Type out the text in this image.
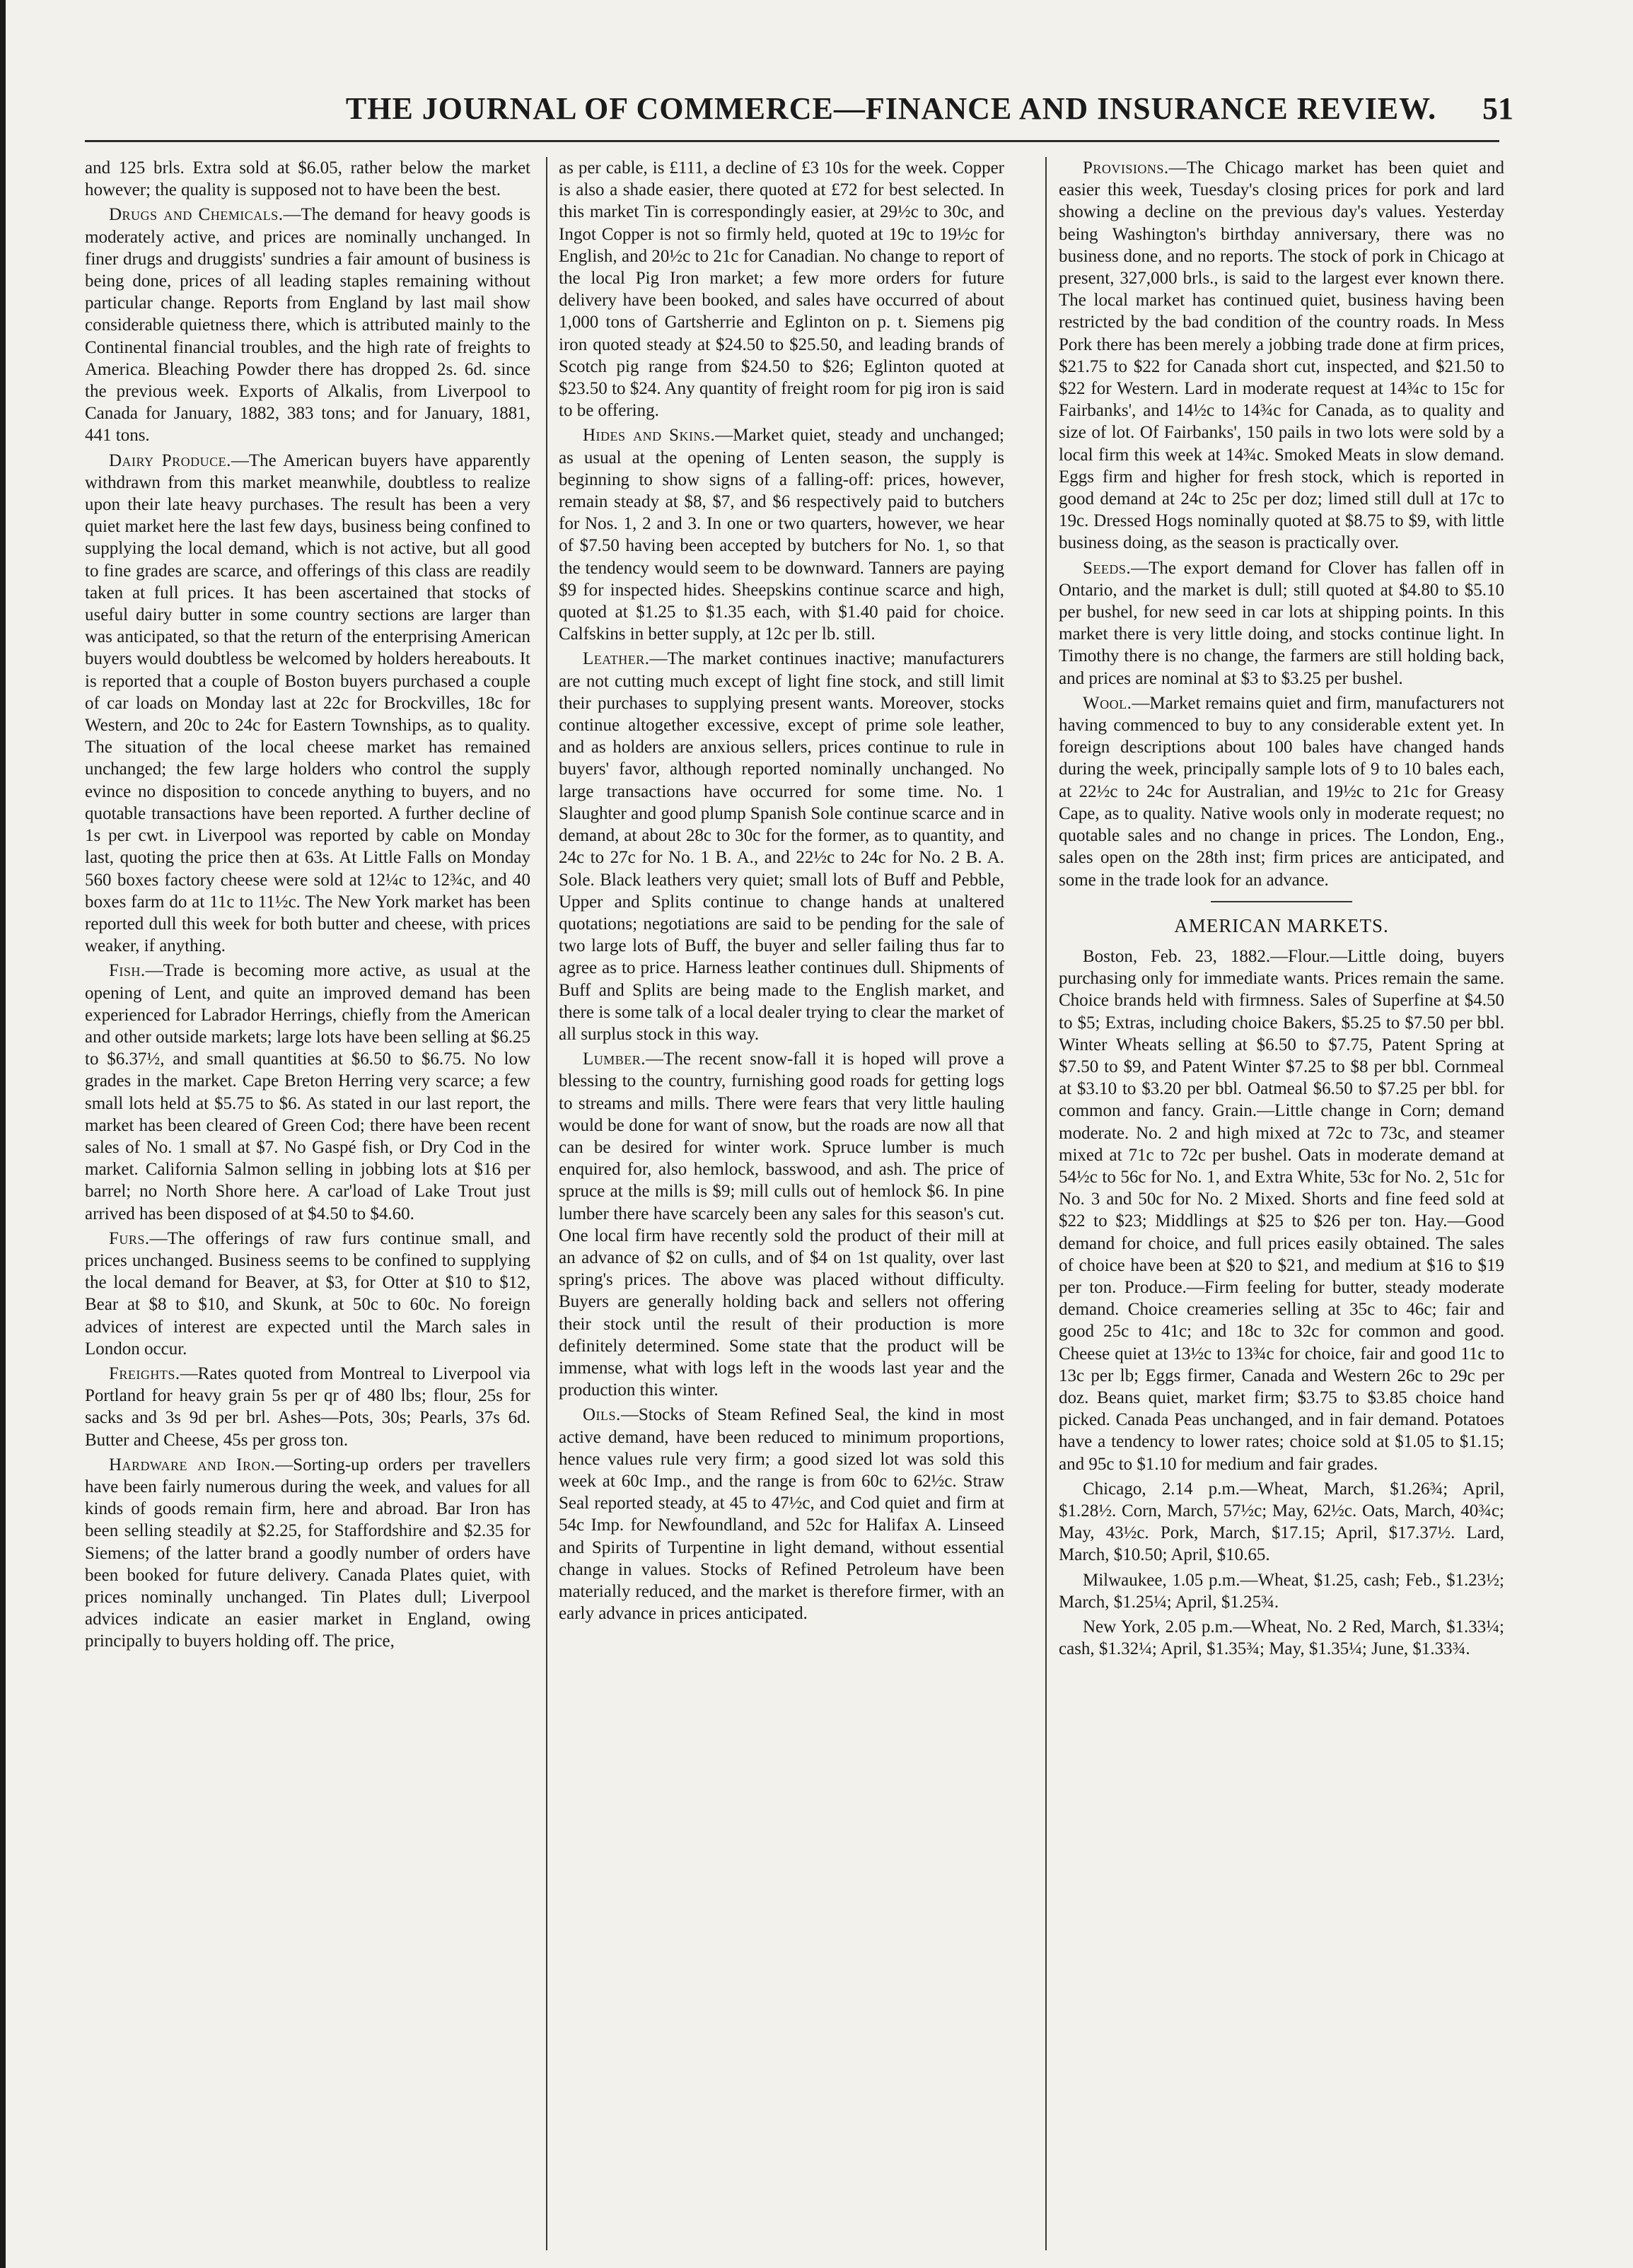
THE JOURNAL OF COMMERCE—FINANCE AND INSURANCE REVIEW.	51

and 125 brls. Extra sold at $6.05, rather below the market however; the quality is supposed not to have been the best.

Drugs and Chemicals.—The demand for heavy goods is moderately active, and prices are nominally unchanged. In finer drugs and druggists' sundries a fair amount of business is being done, prices of all leading staples remaining without particular change. Reports from England by last mail show considerable quietness there, which is attributed mainly to the Continental financial troubles, and the high rate of freights to America. Bleaching Powder there has dropped 2s. 6d. since the previous week. Exports of Alkalis, from Liverpool to Canada for January, 1882, 383 tons; and for January, 1881, 441 tons.

Dairy Produce.—The American buyers have apparently withdrawn from this market meanwhile, doubtless to realize upon their late heavy purchases. The result has been a very quiet market here the last few days, business being confined to supplying the local demand, which is not active, but all good to fine grades are scarce, and offerings of this class are readily taken at full prices. It has been ascertained that stocks of useful dairy butter in some country sections are larger than was anticipated, so that the return of the enterprising American buyers would doubtless be welcomed by holders hereabouts. It is reported that a couple of Boston buyers purchased a couple of car loads on Monday last at 22c for Brockvilles, 18c for Western, and 20c to 24c for Eastern Townships, as to quality. The situation of the local cheese market has remained unchanged; the few large holders who control the supply evince no disposition to concede anything to buyers, and no quotable transactions have been reported. A further decline of 1s per cwt. in Liverpool was reported by cable on Monday last, quoting the price then at 63s. At Little Falls on Monday 560 boxes factory cheese were sold at 12¼c to 12¾c, and 40 boxes farm do at 11c to 11½c. The New York market has been reported dull this week for both butter and cheese, with prices weaker, if anything.

Fish.—Trade is becoming more active, as usual at the opening of Lent, and quite an improved demand has been experienced for Labrador Herrings, chiefly from the American and other outside markets; large lots have been selling at $6.25 to $6.37½, and small quantities at $6.50 to $6.75. No low grades in the market. Cape Breton Herring very scarce; a few small lots held at $5.75 to $6. As stated in our last report, the market has been cleared of Green Cod; there have been recent sales of No. 1 small at $7. No Gaspé fish, or Dry Cod in the market. California Salmon selling in jobbing lots at $16 per barrel; no North Shore here. A car'load of Lake Trout just arrived has been disposed of at $4.50 to $4.60.

Furs.—The offerings of raw furs continue small, and prices unchanged. Business seems to be confined to supplying the local demand for Beaver, at $3, for Otter at $10 to $12, Bear at $8 to $10, and Skunk, at 50c to 60c. No foreign advices of interest are expected until the March sales in London occur.

Freights.—Rates quoted from Montreal to Liverpool via Portland for heavy grain 5s per qr of 480 lbs; flour, 25s for sacks and 3s 9d per brl. Ashes—Pots, 30s; Pearls, 37s 6d. Butter and Cheese, 45s per gross ton.

Hardware and Iron.—Sorting-up orders per travellers have been fairly numerous during the week, and values for all kinds of goods remain firm, here and abroad. Bar Iron has been selling steadily at $2.25, for Staffordshire and $2.35 for Siemens; of the latter brand a goodly number of orders have been booked for future delivery. Canada Plates quiet, with prices nominally unchanged. Tin Plates dull; Liverpool advices indicate an easier market in England, owing principally to buyers holding off. The price,

as per cable, is £111, a decline of £3 10s for the week. Copper is also a shade easier, there quoted at £72 for best selected. In this market Tin is correspondingly easier, at 29½c to 30c, and Ingot Copper is not so firmly held, quoted at 19c to 19½c for English, and 20½c to 21c for Canadian. No change to report of the local Pig Iron market; a few more orders for future delivery have been booked, and sales have occurred of about 1,000 tons of Gartsherrie and Eglinton on p. t. Siemens pig iron quoted steady at $24.50 to $25.50, and leading brands of Scotch pig range from $24.50 to $26; Eglinton quoted at $23.50 to $24. Any quantity of freight room for pig iron is said to be offering.

Hides and Skins.—Market quiet, steady and unchanged; as usual at the opening of Lenten season, the supply is beginning to show signs of a falling-off: prices, however, remain steady at $8, $7, and $6 respectively paid to butchers for Nos. 1, 2 and 3. In one or two quarters, however, we hear of $7.50 having been accepted by butchers for No. 1, so that the tendency would seem to be downward. Tanners are paying $9 for inspected hides. Sheepskins continue scarce and high, quoted at $1.25 to $1.35 each, with $1.40 paid for choice. Calfskins in better supply, at 12c per lb. still.

Leather.—The market continues inactive; manufacturers are not cutting much except of light fine stock, and still limit their purchases to supplying present wants. Moreover, stocks continue altogether excessive, except of prime sole leather, and as holders are anxious sellers, prices continue to rule in buyers' favor, although reported nominally unchanged. No large transactions have occurred for some time. No. 1 Slaughter and good plump Spanish Sole continue scarce and in demand, at about 28c to 30c for the former, as to quantity, and 24c to 27c for No. 1 B. A., and 22½c to 24c for No. 2 B. A. Sole. Black leathers very quiet; small lots of Buff and Pebble, Upper and Splits continue to change hands at unaltered quotations; negotiations are said to be pending for the sale of two large lots of Buff, the buyer and seller failing thus far to agree as to price. Harness leather continues dull. Shipments of Buff and Splits are being made to the English market, and there is some talk of a local dealer trying to clear the market of all surplus stock in this way.

Lumber.—The recent snow-fall it is hoped will prove a blessing to the country, furnishing good roads for getting logs to streams and mills. There were fears that very little hauling would be done for want of snow, but the roads are now all that can be desired for winter work. Spruce lumber is much enquired for, also hemlock, basswood, and ash. The price of spruce at the mills is $9; mill culls out of hemlock $6. In pine lumber there have scarcely been any sales for this season's cut. One local firm have recently sold the product of their mill at an advance of $2 on culls, and of $4 on 1st quality, over last spring's prices. The above was placed without difficulty. Buyers are generally holding back and sellers not offering their stock until the result of their production is more definitely determined. Some state that the product will be immense, what with logs left in the woods last year and the production this winter.

Oils.—Stocks of Steam Refined Seal, the kind in most active demand, have been reduced to minimum proportions, hence values rule very firm; a good sized lot was sold this week at 60c Imp., and the range is from 60c to 62½c. Straw Seal reported steady, at 45 to 47½c, and Cod quiet and firm at 54c Imp. for Newfoundland, and 52c for Halifax A. Linseed and Spirits of Turpentine in light demand, without essential change in values. Stocks of Refined Petroleum have been materially reduced, and the market is therefore firmer, with an early advance in prices anticipated.

Provisions.—The Chicago market has been quiet and easier this week, Tuesday's closing prices for pork and lard showing a decline on the previous day's values. Yesterday being Washington's birthday anniversary, there was no business done, and no reports. The stock of pork in Chicago at present, 327,000 brls., is said to the largest ever known there. The local market has continued quiet, business having been restricted by the bad condition of the country roads. In Mess Pork there has been merely a jobbing trade done at firm prices, $21.75 to $22 for Canada short cut, inspected, and $21.50 to $22 for Western. Lard in moderate request at 14¾c to 15c for Fairbanks', and 14½c to 14¾c for Canada, as to quality and size of lot. Of Fairbanks', 150 pails in two lots were sold by a local firm this week at 14¾c. Smoked Meats in slow demand. Eggs firm and higher for fresh stock, which is reported in good demand at 24c to 25c per doz; limed still dull at 17c to 19c. Dressed Hogs nominally quoted at $8.75 to $9, with little business doing, as the season is practically over.

Seeds.—The export demand for Clover has fallen off in Ontario, and the market is dull; still quoted at $4.80 to $5.10 per bushel, for new seed in car lots at shipping points. In this market there is very little doing, and stocks continue light. In Timothy there is no change, the farmers are still holding back, and prices are nominal at $3 to $3.25 per bushel.

Wool.—Market remains quiet and firm, manufacturers not having commenced to buy to any considerable extent yet. In foreign descriptions about 100 bales have changed hands during the week, principally sample lots of 9 to 10 bales each, at 22½c to 24c for Australian, and 19½c to 21c for Greasy Cape, as to quality. Native wools only in moderate request; no quotable sales and no change in prices. The London, Eng., sales open on the 28th inst; firm prices are anticipated, and some in the trade look for an advance.

AMERICAN MARKETS.

Boston, Feb. 23, 1882.—Flour.—Little doing, buyers purchasing only for immediate wants. Prices remain the same. Choice brands held with firmness. Sales of Superfine at $4.50 to $5; Extras, including choice Bakers, $5.25 to $7.50 per bbl. Winter Wheats selling at $6.50 to $7.75, Patent Spring at $7.50 to $9, and Patent Winter $7.25 to $8 per bbl. Cornmeal at $3.10 to $3.20 per bbl. Oatmeal $6.50 to $7.25 per bbl. for common and fancy. Grain.—Little change in Corn; demand moderate. No. 2 and high mixed at 72c to 73c, and steamer mixed at 71c to 72c per bushel. Oats in moderate demand at 54½c to 56c for No. 1, and Extra White, 53c for No. 2, 51c for No. 3 and 50c for No. 2 Mixed. Shorts and fine feed sold at $22 to $23; Middlings at $25 to $26 per ton. Hay.—Good demand for choice, and full prices easily obtained. The sales of choice have been at $20 to $21, and medium at $16 to $19 per ton. Produce.—Firm feeling for butter, steady moderate demand. Choice creameries selling at 35c to 46c; fair and good 25c to 41c; and 18c to 32c for common and good. Cheese quiet at 13½c to 13¾c for choice, fair and good 11c to 13c per lb; Eggs firmer, Canada and Western 26c to 29c per doz. Beans quiet, market firm; $3.75 to $3.85 choice hand picked. Canada Peas unchanged, and in fair demand. Potatoes have a tendency to lower rates; choice sold at $1.05 to $1.15; and 95c to $1.10 for medium and fair grades.

Chicago, 2.14 p.m.—Wheat, March, $1.26¾; April, $1.28½. Corn, March, 57½c; May, 62½c. Oats, March, 40¾c; May, 43½c. Pork, March, $17.15; April, $17.37½. Lard, March, $10.50; April, $10.65.

Milwaukee, 1.05 p.m.—Wheat, $1.25, cash; Feb., $1.23½; March, $1.25¼; April, $1.25¾.

New York, 2.05 p.m.—Wheat, No. 2 Red, March, $1.33¼; cash, $1.32¼; April, $1.35¾; May, $1.35¼; June, $1.33¾.
